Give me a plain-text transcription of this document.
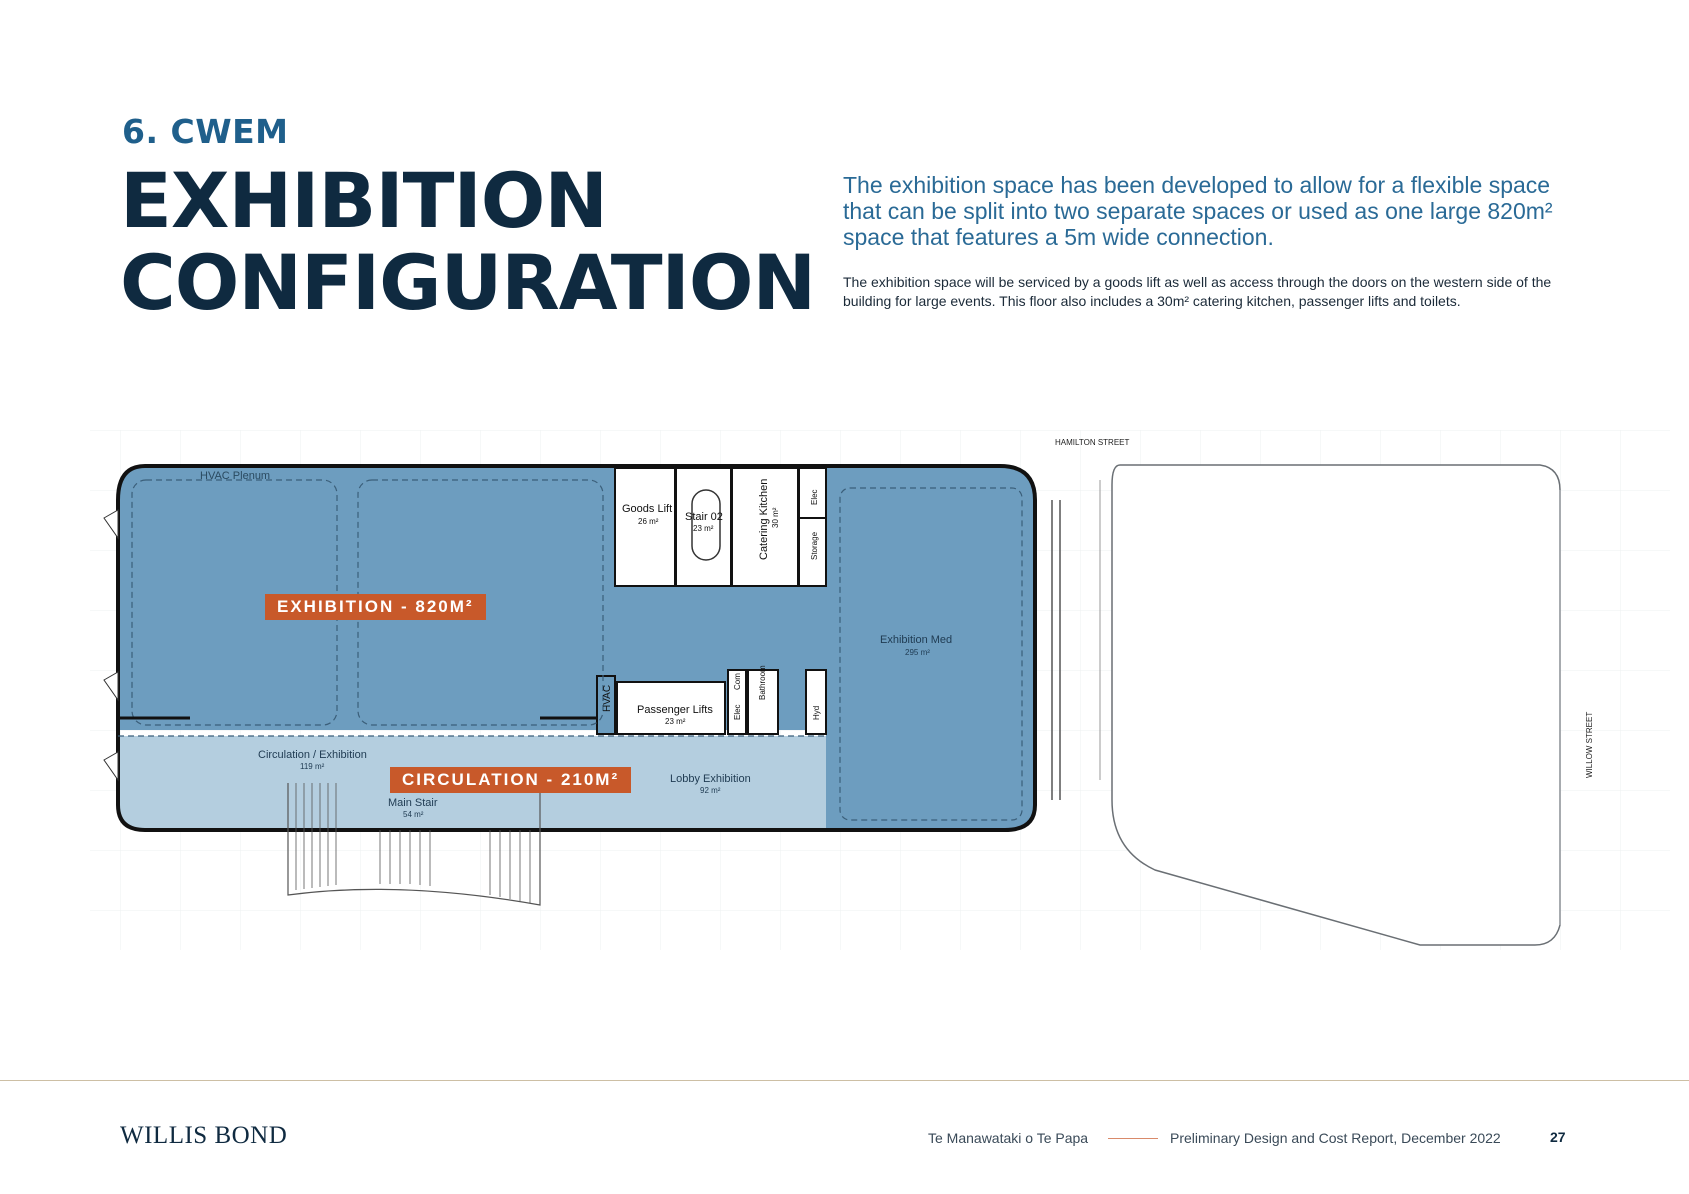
6. CWEM
EXHIBITION
CONFIGURATION
The exhibition space has been developed to allow for a flexible space that can be split into two separate spaces or used as one large 820m² space that features a 5m wide connection.
The exhibition space will be serviced by a goods lift as well as access through the doors on the western side of the building for large events. This floor also includes a 30m² catering kitchen, passenger lifts and toilets.
HVAC Plenum
Goods Lift
26 m² Stair 02
23 m²	Catering Kitchen 30 m²
Elec
Storage
Exhibition Med
295 m²
HVAC Passenger Lifts
23 m²
Elec
Com Bathroom
Hyd
Circulation / Exhibition
119 m²
Main Stair
54 m²
Lobby Exhibition
92 m²
HAMILTON STREET
WILLOW STREET
EXHIBITION - 820M²
CIRCULATION - 210M²
WILLIS BOND	Te Manawataki o Te Papa	Preliminary Design and Cost Report, December 2022	27
